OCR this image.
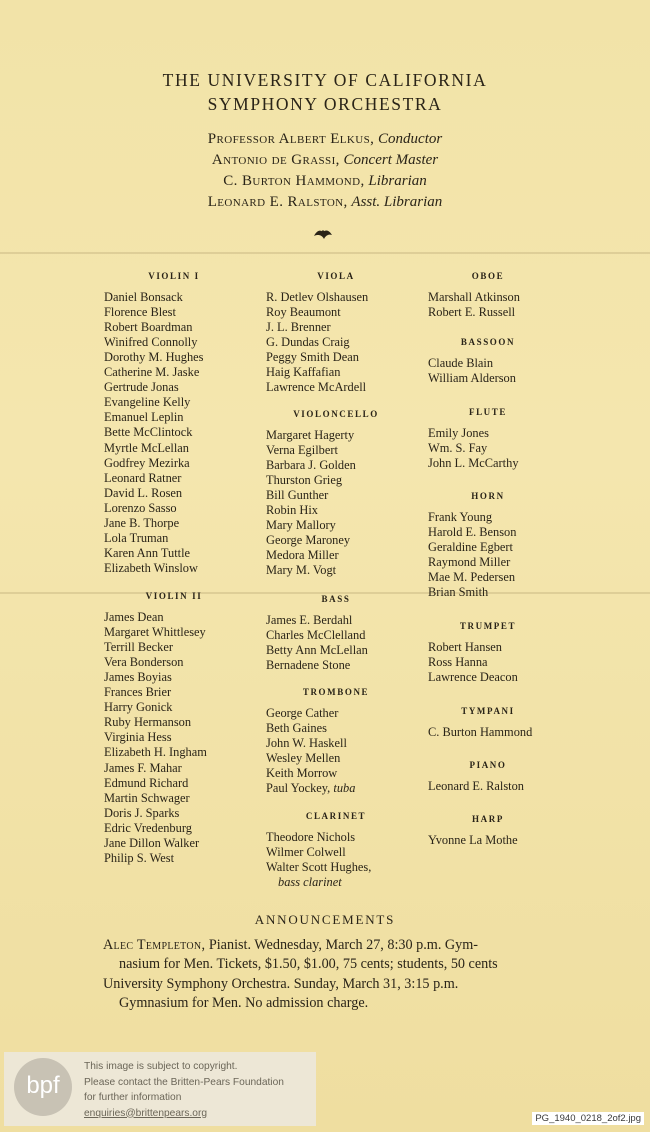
THE UNIVERSITY OF CALIFORNIA
SYMPHONY ORCHESTRA
Professor Albert Elkus, Conductor
Antonio de Grassi, Concert Master
C. Burton Hammond, Librarian
Leonard E. Ralston, Asst. Librarian
VIOLIN I
Daniel Bonsack
Florence Blest
Robert Boardman
Winifred Connolly
Dorothy M. Hughes
Catherine M. Jaske
Gertrude Jonas
Evangeline Kelly
Emanuel Leplin
Bette McClintock
Myrtle McLellan
Godfrey Mezirka
Leonard Ratner
David L. Rosen
Lorenzo Sasso
Jane B. Thorpe
Lola Truman
Karen Ann Tuttle
Elizabeth Winslow
VIOLIN II
James Dean
Margaret Whittlesey
Terrill Becker
Vera Bonderson
James Boyias
Frances Brier
Harry Gonick
Ruby Hermanson
Virginia Hess
Elizabeth H. Ingham
James F. Mahar
Edmund Richard
Martin Schwager
Doris J. Sparks
Edric Vredenburg
Jane Dillon Walker
Philip S. West
VIOLA
R. Detlev Olshausen
Roy Beaumont
J. L. Brenner
G. Dundas Craig
Peggy Smith Dean
Haig Kaffafian
Lawrence McArdell
VIOLONCELLO
Margaret Hagerty
Verna Egilbert
Barbara J. Golden
Thurston Grieg
Bill Gunther
Robin Hix
Mary Mallory
George Maroney
Medora Miller
Mary M. Vogt
BASS
James E. Berdahl
Charles McClelland
Betty Ann McLellan
Bernadene Stone
TROMBONE
George Cather
Beth Gaines
John W. Haskell
Wesley Mellen
Keith Morrow
Paul Yockey, tuba
CLARINET
Theodore Nichols
Wilmer Colwell
Walter Scott Hughes,
bass clarinet
OBOE
Marshall Atkinson
Robert E. Russell
BASSOON
Claude Blain
William Alderson
FLUTE
Emily Jones
Wm. S. Fay
John L. McCarthy
HORN
Frank Young
Harold E. Benson
Geraldine Egbert
Raymond Miller
Mae M. Pedersen
Brian Smith
TRUMPET
Robert Hansen
Ross Hanna
Lawrence Deacon
TYMPANI
C. Burton Hammond
PIANO
Leonard E. Ralston
HARP
Yvonne La Mothe
ANNOUNCEMENTS
Alec Templeton, Pianist. Wednesday, March 27, 8:30 p.m. Gym-
nasium for Men. Tickets, $1.50, $1.00, 75 cents; students, 50 cents
University Symphony Orchestra. Sunday, March 31, 3:15 p.m.
Gymnasium for Men. No admission charge.
bpf
This image is subject to copyright.
Please contact the Britten-Pears Foundation
for further information
enquiries@brittenpears.org	PG_1940_0218_2of2.jpg
